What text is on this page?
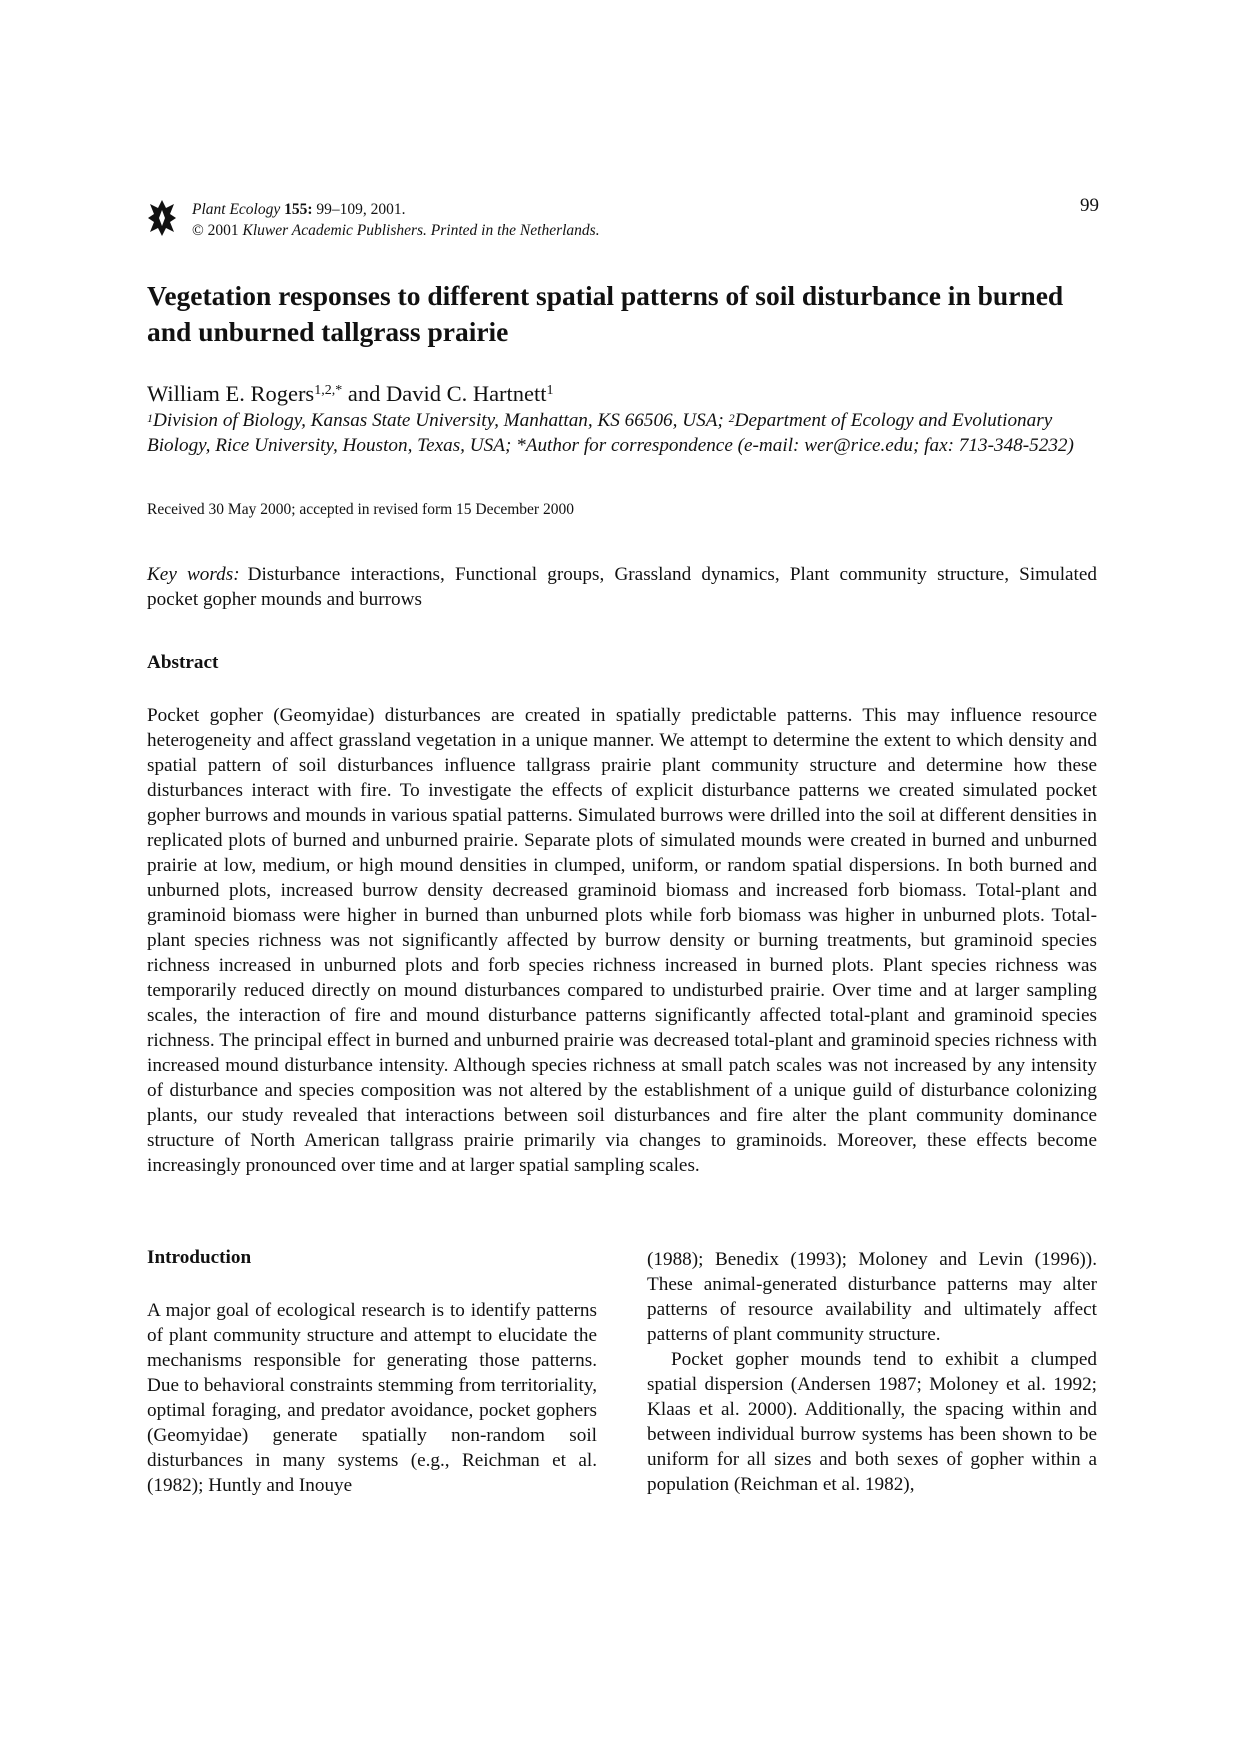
Plant Ecology 155: 99–109, 2001.
© 2001 Kluwer Academic Publishers. Printed in the Netherlands.
99
Vegetation responses to different spatial patterns of soil disturbance in burned and unburned tallgrass prairie
William E. Rogers$^{1,2,*}$ and David C. Hartnett$^1$
$^1$Division of Biology, Kansas State University, Manhattan, KS 66506, USA; $^2$Department of Ecology and Evolutionary Biology, Rice University, Houston, Texas, USA; *Author for correspondence (e-mail: wer@rice.edu; fax: 713-348-5232)
Received 30 May 2000; accepted in revised form 15 December 2000
Key words: Disturbance interactions, Functional groups, Grassland dynamics, Plant community structure, Simulated pocket gopher mounds and burrows
Abstract

Pocket gopher (Geomyidae) disturbances are created in spatially predictable patterns. This may influence resource heterogeneity and affect grassland vegetation in a unique manner. We attempt to determine the extent to which density and spatial pattern of soil disturbances influence tallgrass prairie plant community structure and determine how these disturbances interact with fire. To investigate the effects of explicit disturbance patterns we created simulated pocket gopher burrows and mounds in various spatial patterns. Simulated burrows were drilled into the soil at different densities in replicated plots of burned and unburned prairie. Separate plots of simulated mounds were created in burned and unburned prairie at low, medium, or high mound densities in clumped, uniform, or random spatial dispersions. In both burned and unburned plots, increased burrow density decreased graminoid biomass and increased forb biomass. Total-plant and graminoid biomass were higher in burned than unburned plots while forb biomass was higher in unburned plots. Total-plant species richness was not significantly affected by burrow density or burning treatments, but graminoid species richness increased in unburned plots and forb species richness increased in burned plots. Plant species richness was temporarily reduced directly on mound disturbances compared to undisturbed prairie. Over time and at larger sampling scales, the interaction of fire and mound disturbance patterns significantly affected total-plant and graminoid species richness. The principal effect in burned and unburned prairie was decreased total-plant and graminoid species richness with increased mound disturbance intensity. Although species richness at small patch scales was not increased by any intensity of disturbance and species composition was not altered by the establishment of a unique guild of disturbance colonizing plants, our study revealed that interactions between soil disturbances and fire alter the plant community dominance structure of North American tallgrass prairie primarily via changes to graminoids. Moreover, these effects become increasingly pronounced over time and at larger spatial sampling scales.

Introduction

A major goal of ecological research is to identify patterns of plant community structure and attempt to elucidate the mechanisms responsible for generating those patterns. Due to behavioral constraints stemming from territoriality, optimal foraging, and predator avoidance, pocket gophers (Geomyidae) generate spatially non-random soil disturbances in many systems (e.g., Reichman et al. (1982); Huntly and Inouye

(1988); Benedix (1993); Moloney and Levin (1996)). These animal-generated disturbance patterns may alter patterns of resource availability and ultimately affect patterns of plant community structure.

Pocket gopher mounds tend to exhibit a clumped spatial dispersion (Andersen 1987; Moloney et al. 1992; Klaas et al. 2000). Additionally, the spacing within and between individual burrow systems has been shown to be uniform for all sizes and both sexes of gopher within a population (Reichman et al. 1982),
